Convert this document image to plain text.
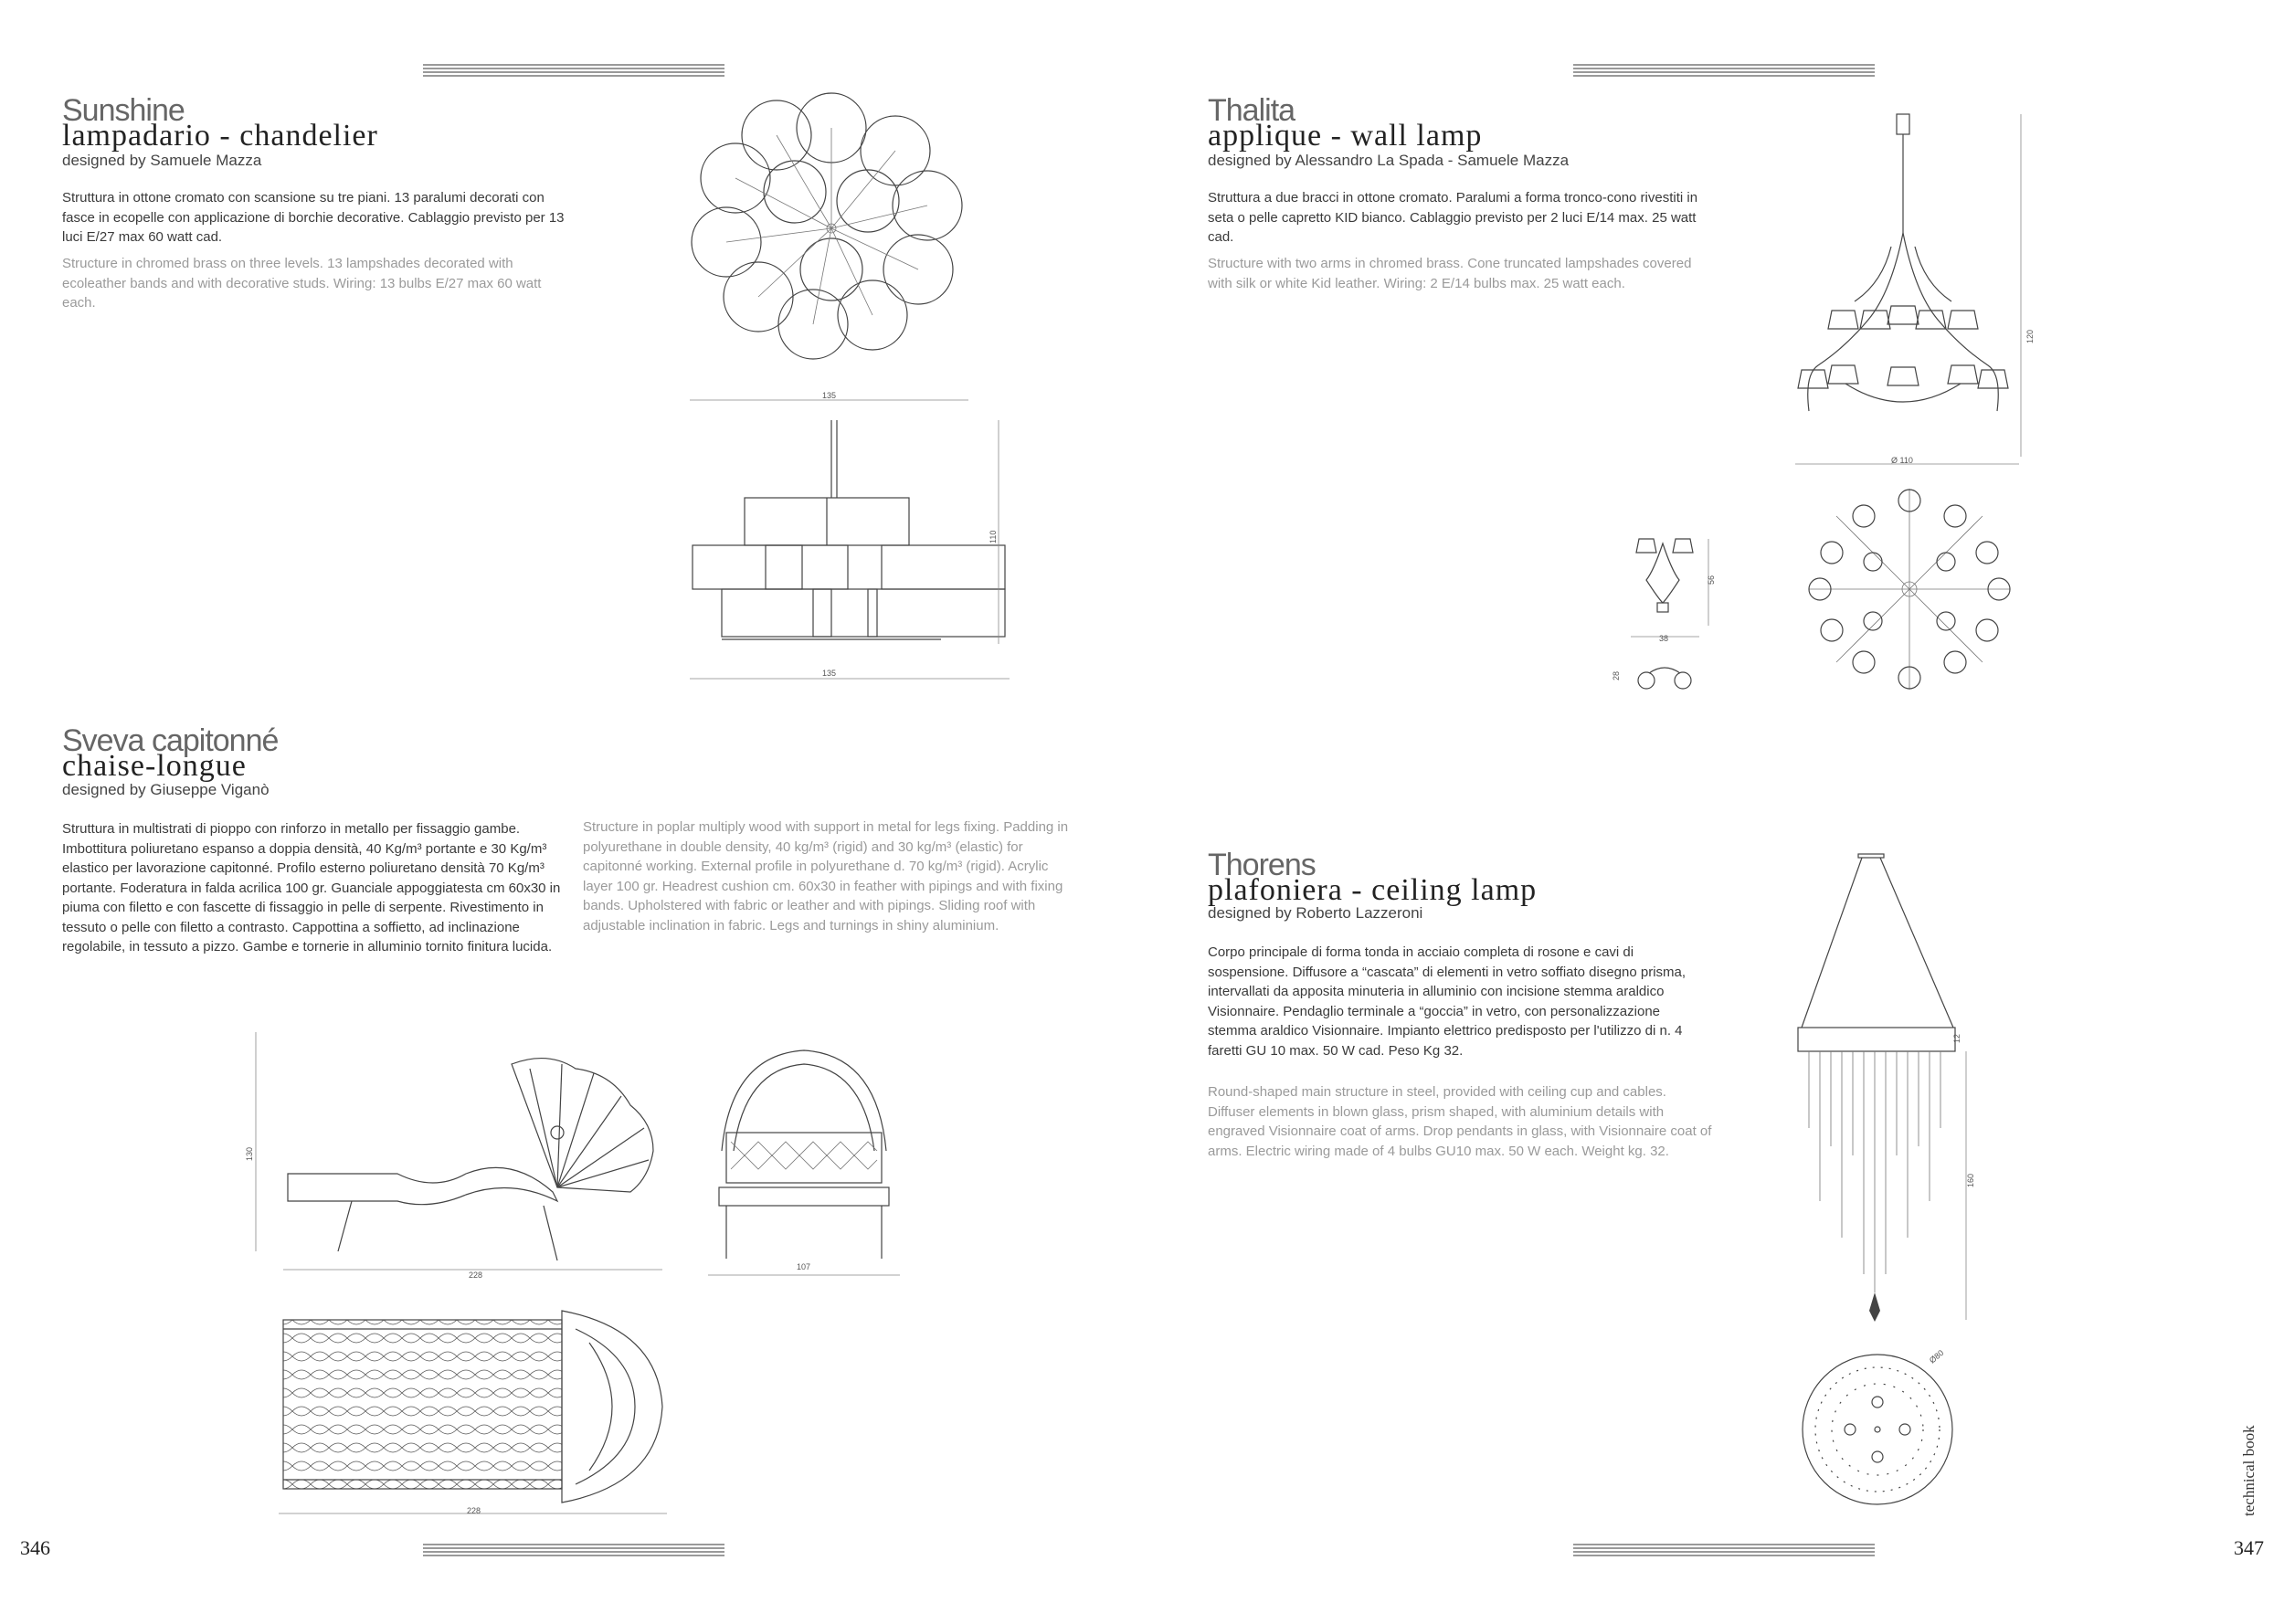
Sunshine
lampadario - chandelier
designed by Samuele Mazza
Struttura in ottone cromato con scansione su tre piani. 13 paralumi decorati con fasce in ecopelle con applicazione di borchie decorative. Cablaggio previsto per 13 luci E/27 max 60 watt cad.
Structure in chromed brass on three levels. 13 lampshades decorated with ecoleather bands and with decorative studs. Wiring: 13 bulbs E/27 max 60 watt each.
135
135
110
Sveva capitonné
chaise-longue
designed by Giuseppe Viganò
Struttura in multistrati di pioppo con rinforzo in metallo per fissaggio gambe. Imbottitura poliuretano espanso a doppia densità, 40 Kg/m³ portante e 30 Kg/m³ elastico per lavorazione capitonné. Profilo esterno poliuretano densità 70 Kg/m³ portante. Foderatura in falda acrilica 100 gr. Guanciale appoggiatesta cm 60x30 in piuma con filetto e con fascette di fissaggio in pelle di serpente. Rivestimento in tessuto o pelle con filetto a contrasto. Cappottina a soffietto, ad inclinazione regolabile, in tessuto a pizzo. Gambe e tornerie in alluminio tornito finitura lucida.
Structure in poplar multiply wood with support in metal for legs fixing. Padding in polyurethane in double density, 40 kg/m³ (rigid) and 30 kg/m³ (elastic) for capitonné working. External profile in polyurethane d. 70 kg/m³ (rigid). Acrylic layer 100 gr. Headrest cushion cm. 60x30 in feather with pipings and with fixing bands. Upholstered with fabric or leather and with pipings. Sliding roof with adjustable inclination in fabric. Legs and turnings in shiny aluminium.
130
228
107
228
346
Thalita
applique - wall lamp
designed by Alessandro La Spada - Samuele Mazza
Struttura a due bracci in ottone cromato. Paralumi a forma tronco-cono rivestiti in seta o pelle capretto KID bianco. Cablaggio previsto per 2 luci E/14 max. 25 watt cad.
Structure with two arms in chromed brass. Cone truncated lampshades covered with silk or white Kid leather. Wiring: 2 E/14 bulbs max. 25 watt each.
120
Ø 110
56
38
28
Thorens
plafoniera - ceiling lamp
designed by Roberto Lazzeroni
Corpo principale di forma tonda in acciaio completa di rosone e cavi di sospensione. Diffusore a “cascata” di elementi in vetro soffiato disegno prisma, intervallati da apposita minuteria in alluminio con incisione stemma araldico Visionnaire. Pendaglio terminale a “goccia” in vetro, con personalizzazione stemma araldico Visionnaire. Impianto elettrico predisposto per l'utilizzo di n. 4 faretti GU 10 max. 50 W cad. Peso Kg 32.
Round-shaped main structure in steel, provided with ceiling cup and cables. Diffuser elements in blown glass, prism shaped, with aluminium details with engraved Visionnaire coat of arms. Drop pendants in glass, with Visionnaire coat of arms. Electric wiring made of 4 bulbs GU10 max. 50 W each. Weight kg. 32.
12
160
Ø80
technical book
347
